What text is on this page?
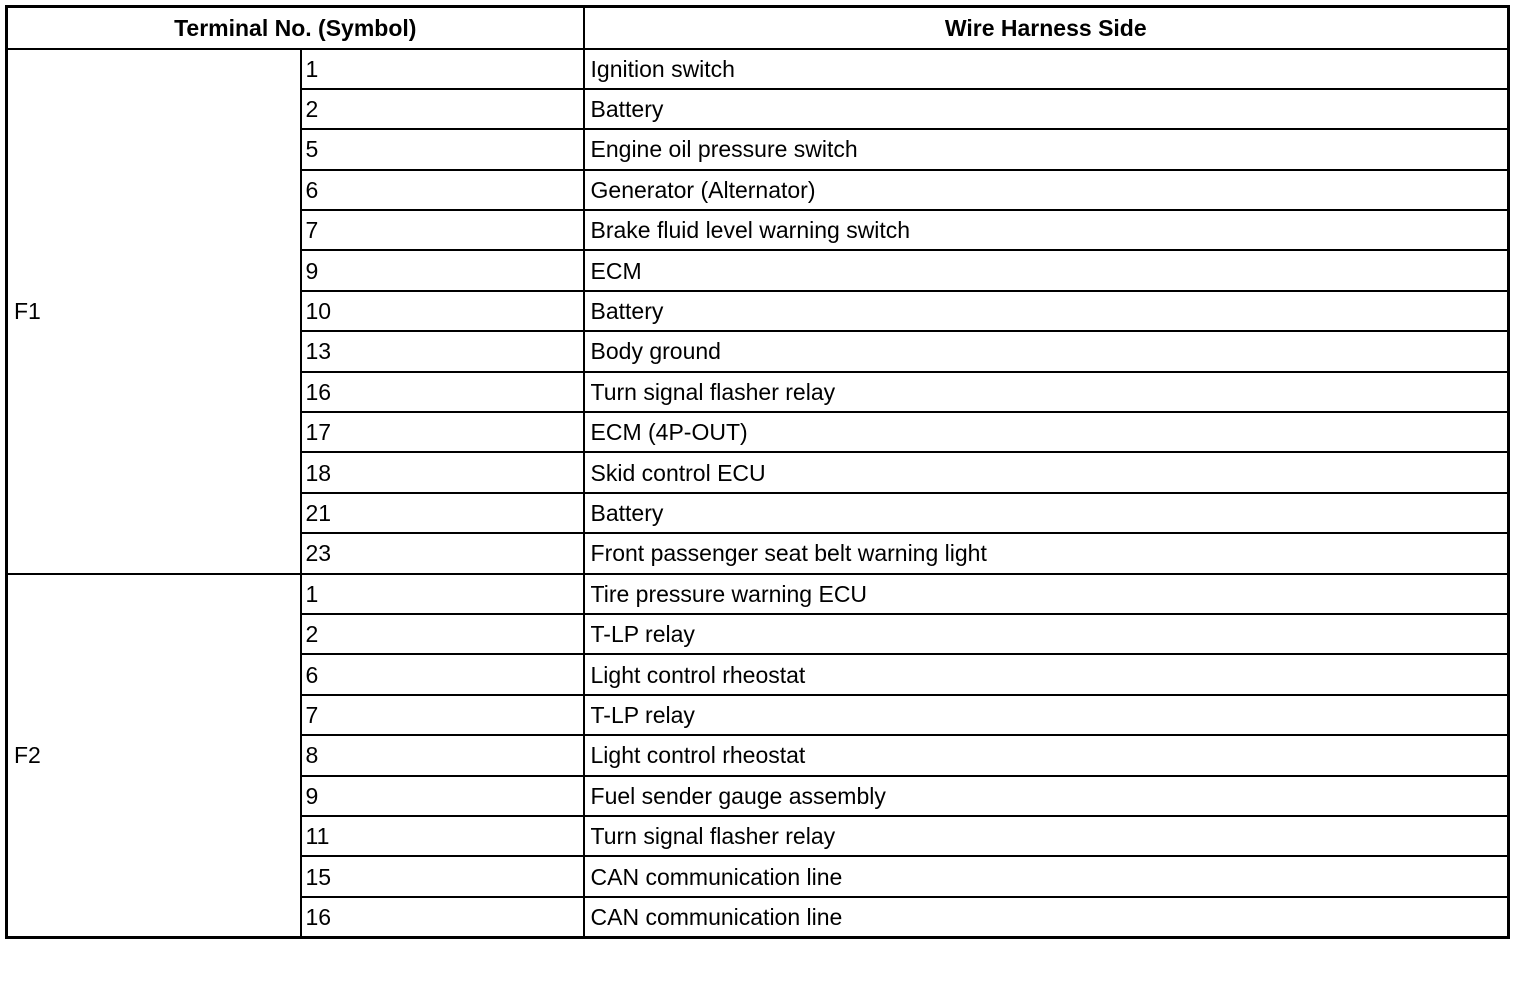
Terminal No. (Symbol)		Wire Harness Side
F1	1	Ignition switch
	2	Battery
	5	Engine oil pressure switch
	6	Generator (Alternator)
	7	Brake fluid level warning switch
	9	ECM
	10	Battery
	13	Body ground
	16	Turn signal flasher relay
	17	ECM (4P-OUT)
	18	Skid control ECU
	21	Battery
	23	Front passenger seat belt warning light
F2	1	Tire pressure warning ECU
	2	T-LP relay
	6	Light control rheostat
	7	T-LP relay
	8	Light control rheostat
	9	Fuel sender gauge assembly
	11	Turn signal flasher relay
	15	CAN communication line
	16	CAN communication line
